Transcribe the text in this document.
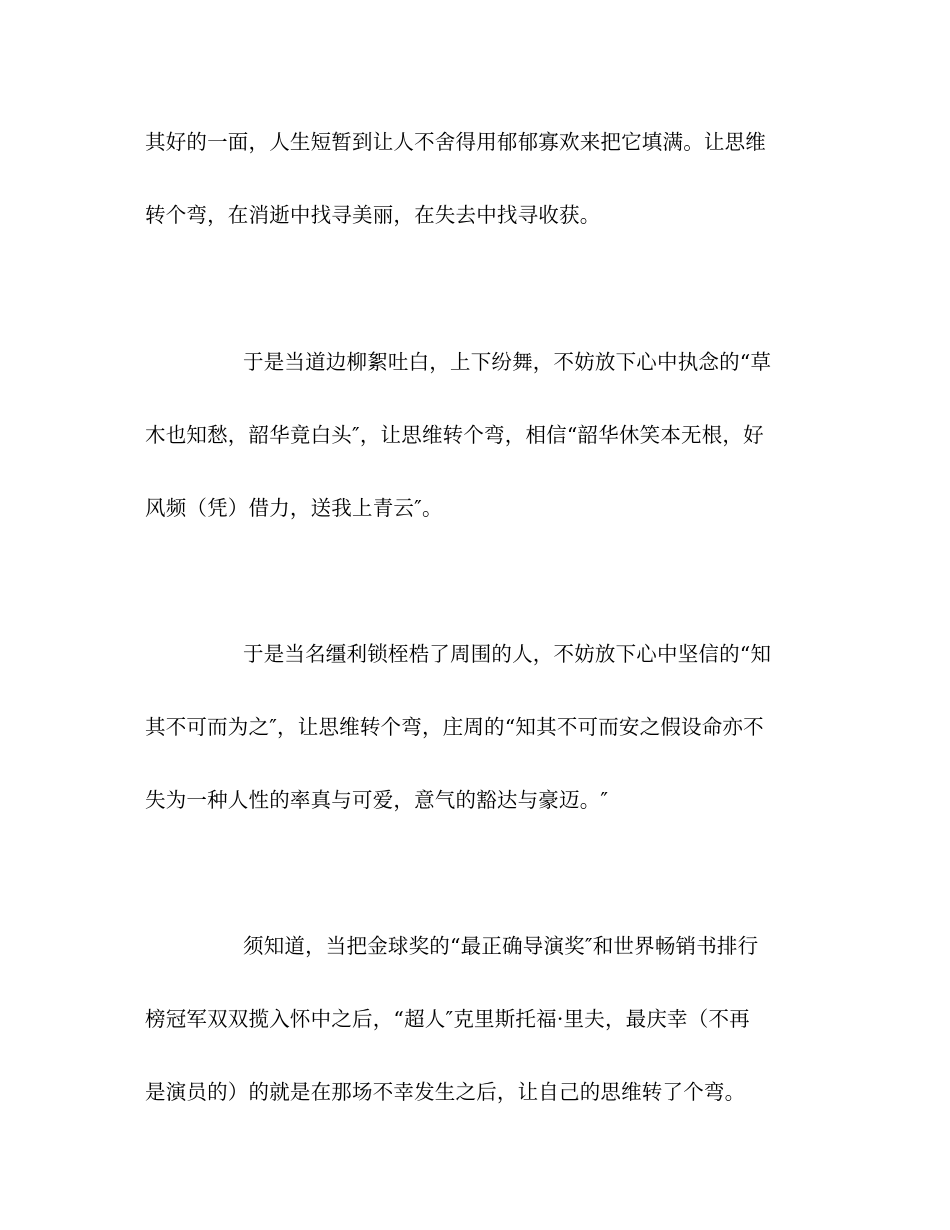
其好的一面，人生短暂到让人不舍得用郁郁寡欢来把它填满。让思维
转个弯，在消逝中找寻美丽，在失去中找寻收获。
于是当道边柳絮吐白，上下纷舞，不妨放下心中执念的“草
木也知愁，韶华竟白头″，让思维转个弯，相信“韶华休笑本无根，好
风频（凭）借力，送我上青云″。
于是当名缰利锁桎梏了周围的人，不妨放下心中坚信的“知
其不可而为之″，让思维转个弯，庄周的“知其不可而安之假设命亦不
失为一种人性的率真与可爱，意气的豁达与豪迈。″
须知道，当把金球奖的“最正确导演奖″和世界畅销书排行
榜冠军双双揽入怀中之后，“超人″克里斯托福·里夫，最庆幸（不再
是演员的）的就是在那场不幸发生之后，让自己的思维转了个弯。
